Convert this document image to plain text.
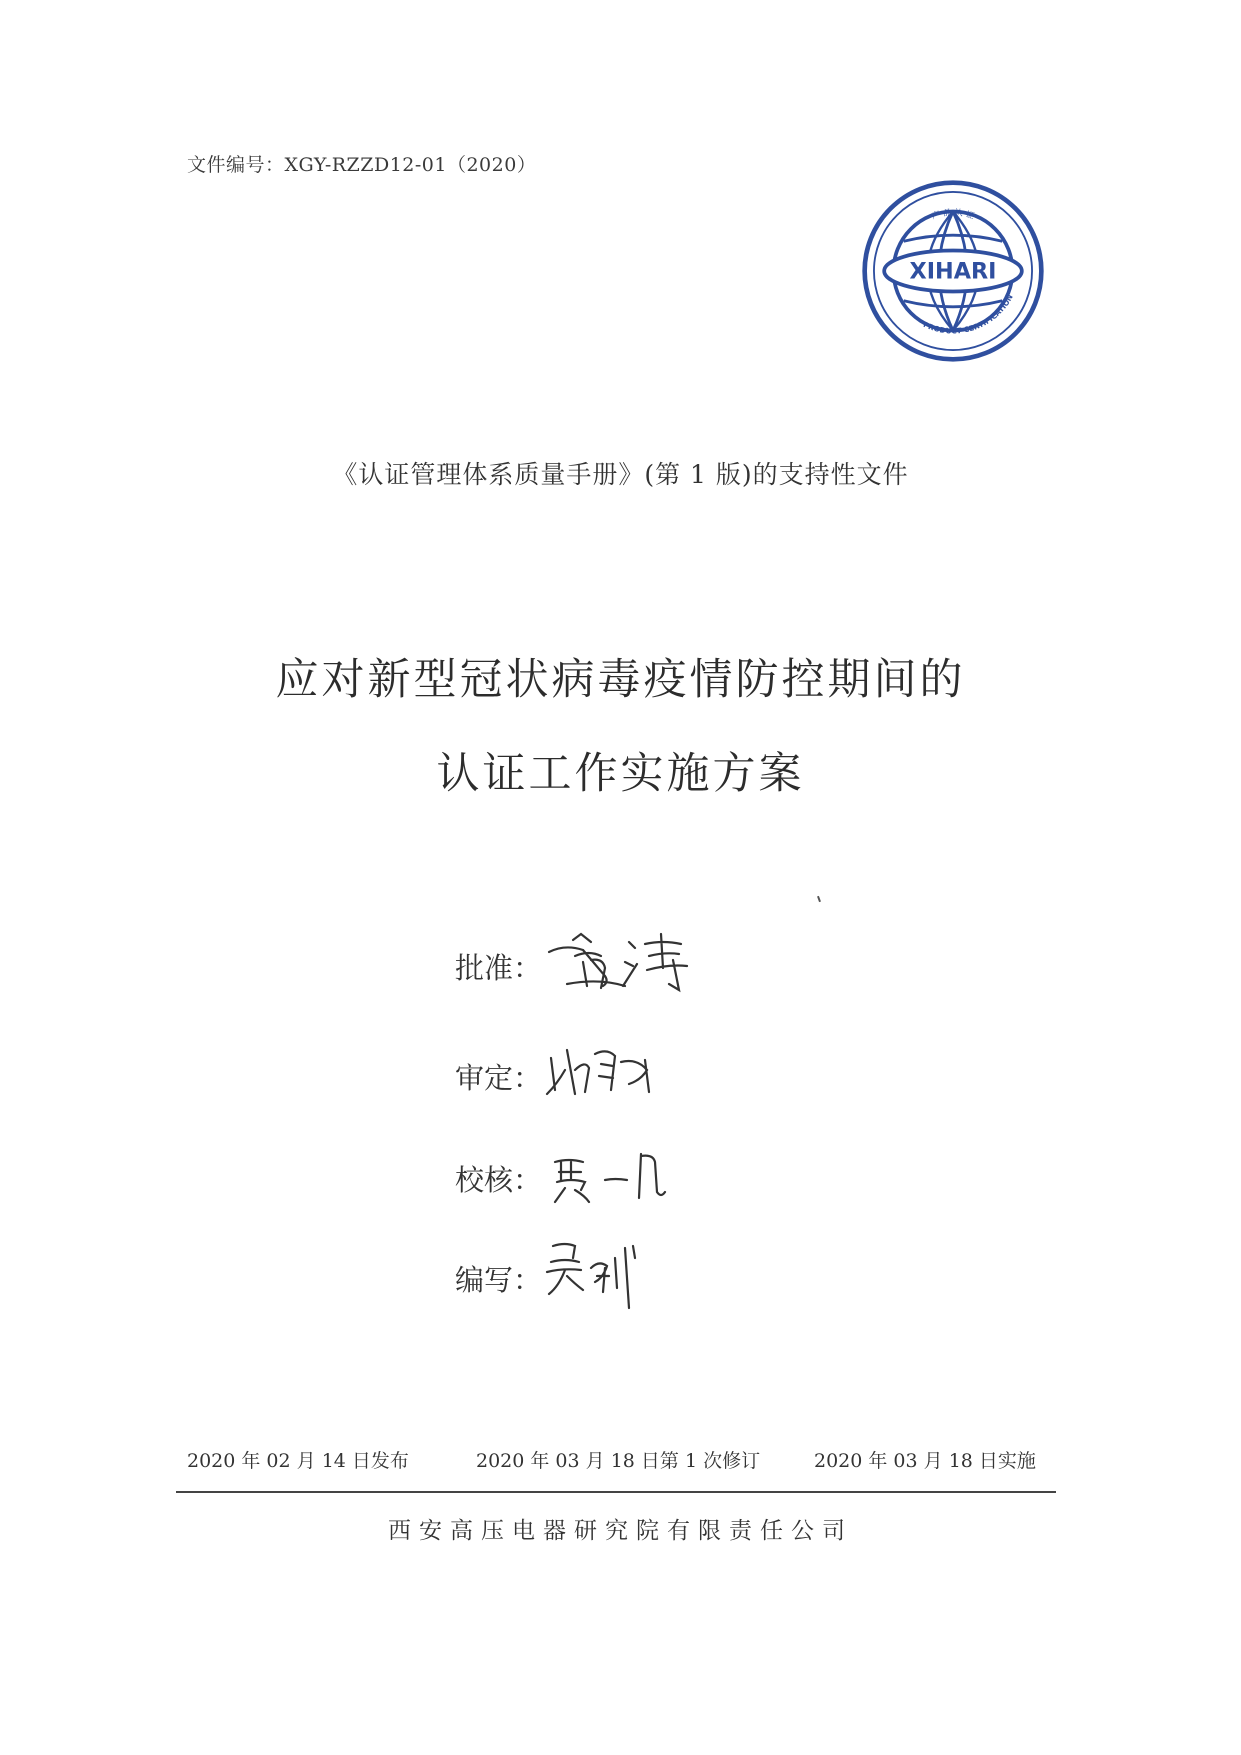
文件编号：XGY-RZZD12-01（2020）
XIHARI
产 品 认 证
PRODUCT CERTIFICATION
《认证管理体系质量手册》(第 1 版)的支持性文件
应对新型冠状病毒疫情防控期间的
认证工作实施方案
批准：
审定：
校核：
编写：
2020 年 02 月 14 日发布	2020 年 03 月 18 日第 1 次修订	2020 年 03 月 18 日实施
西安高压电器研究院有限责任公司
